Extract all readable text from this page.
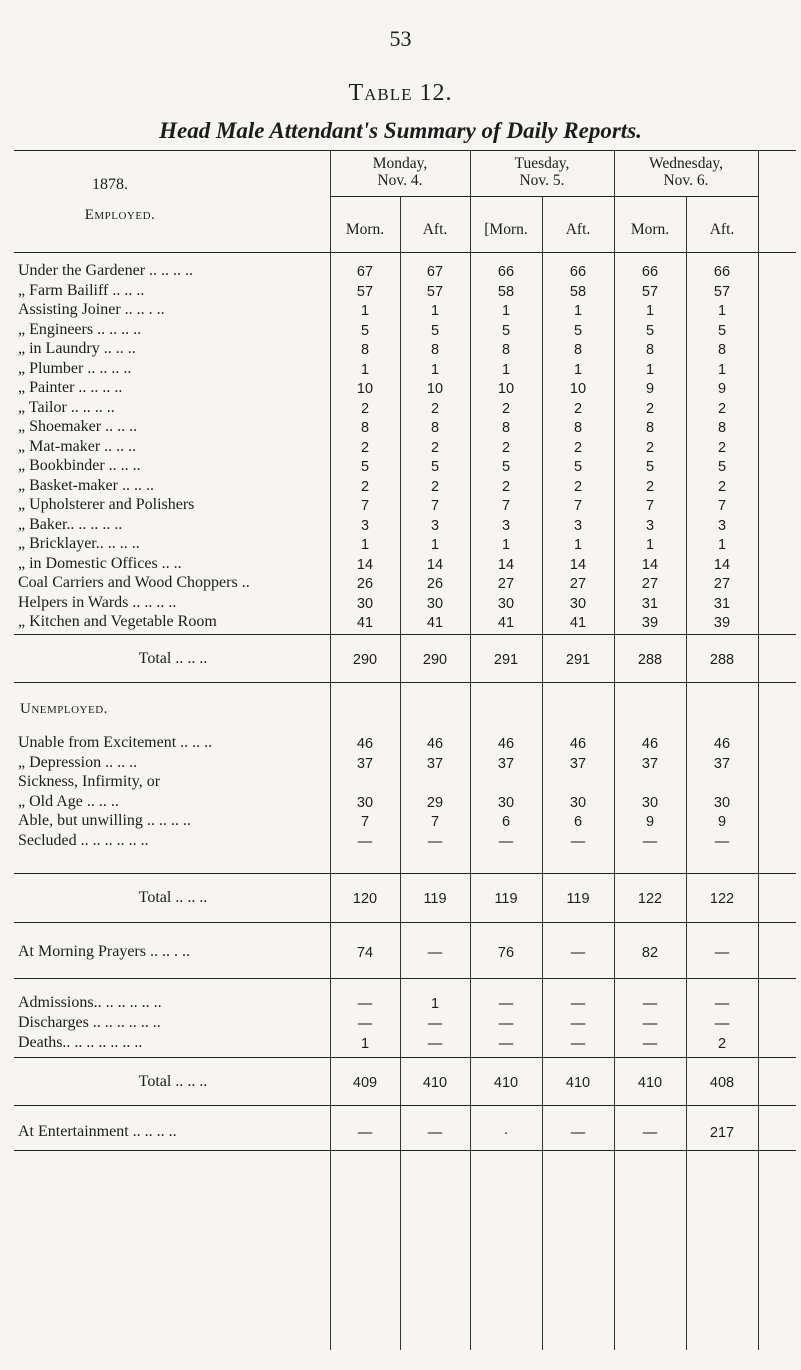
53
Table 12.
Head Male Attendant's Summary of Daily Reports.
1878.
Employed.
Monday,
Nov. 4.
Tuesday,
Nov. 5.
Wednesday,
Nov. 6.
Morn.	Aft.	[Morn.	Aft.	Morn.	Aft.
Under the Gardener .. .. .. ..	67	67	66	66	66	66
„ Farm Bailiff .. .. ..	57	57	58	58	57	57
Assisting Joiner .. .. . ..	1	1	1	1	1	1
„ Engineers .. .. .. ..	5	5	5	5	5	5
„ in Laundry .. .. ..	8	8	8	8	8	8
„ Plumber .. .. .. ..	1	1	1	1	1	1
„ Painter .. .. .. ..	10	10	10	10	9	9
„ Tailor .. .. .. ..	2	2	2	2	2	2
„ Shoemaker .. .. ..	8	8	8	8	8	8
„ Mat-maker .. .. ..	2	2	2	2	2	2
„ Bookbinder .. .. ..	5	5	5	5	5	5
„ Basket-maker .. .. ..	2	2	2	2	2	2
„ Upholsterer and Polishers	7	7	7	7	7	7
„ Baker.. .. .. .. ..	3	3	3	3	3	3
„ Bricklayer.. .. .. ..	1	1	1	1	1	1
„ in Domestic Offices .. ..	14	14	14	14	14	14
Coal Carriers and Wood Choppers ..	26	26	27	27	27	27
Helpers in Wards .. .. .. ..	30	30	30	30	31	31
„ Kitchen and Vegetable Room	41	41	41	41	39	39
Total .. .. ..	290	290	291	291	288	288
Unemployed.
Unable from Excitement .. .. ..	46	46	46	46	46	46
„ Depression .. .. ..	37	37	37	37	37	37
Sickness, Infirmity, or
„ Old Age .. .. ..	30	29	30	30	30	30
Able, but unwilling .. .. .. ..	7	7	6	6	9	9
Secluded .. .. .. .. .. ..	—	—	—	—	—	—
Total .. .. ..	120	119	119	119	122	122
At Morning Prayers .. .. . ..	74	—	76	—	82	—
Admissions.. .. .. .. .. ..	—	1	—	—	—	—
Discharges .. .. .. .. .. ..	—	—	—	—	—	—
Deaths.. .. .. .. .. .. ..	1	—	—	—	—	2
Total .. .. ..	409	410	410	410	410	408
At Entertainment .. .. .. ..	—	—	·	—	—	217
